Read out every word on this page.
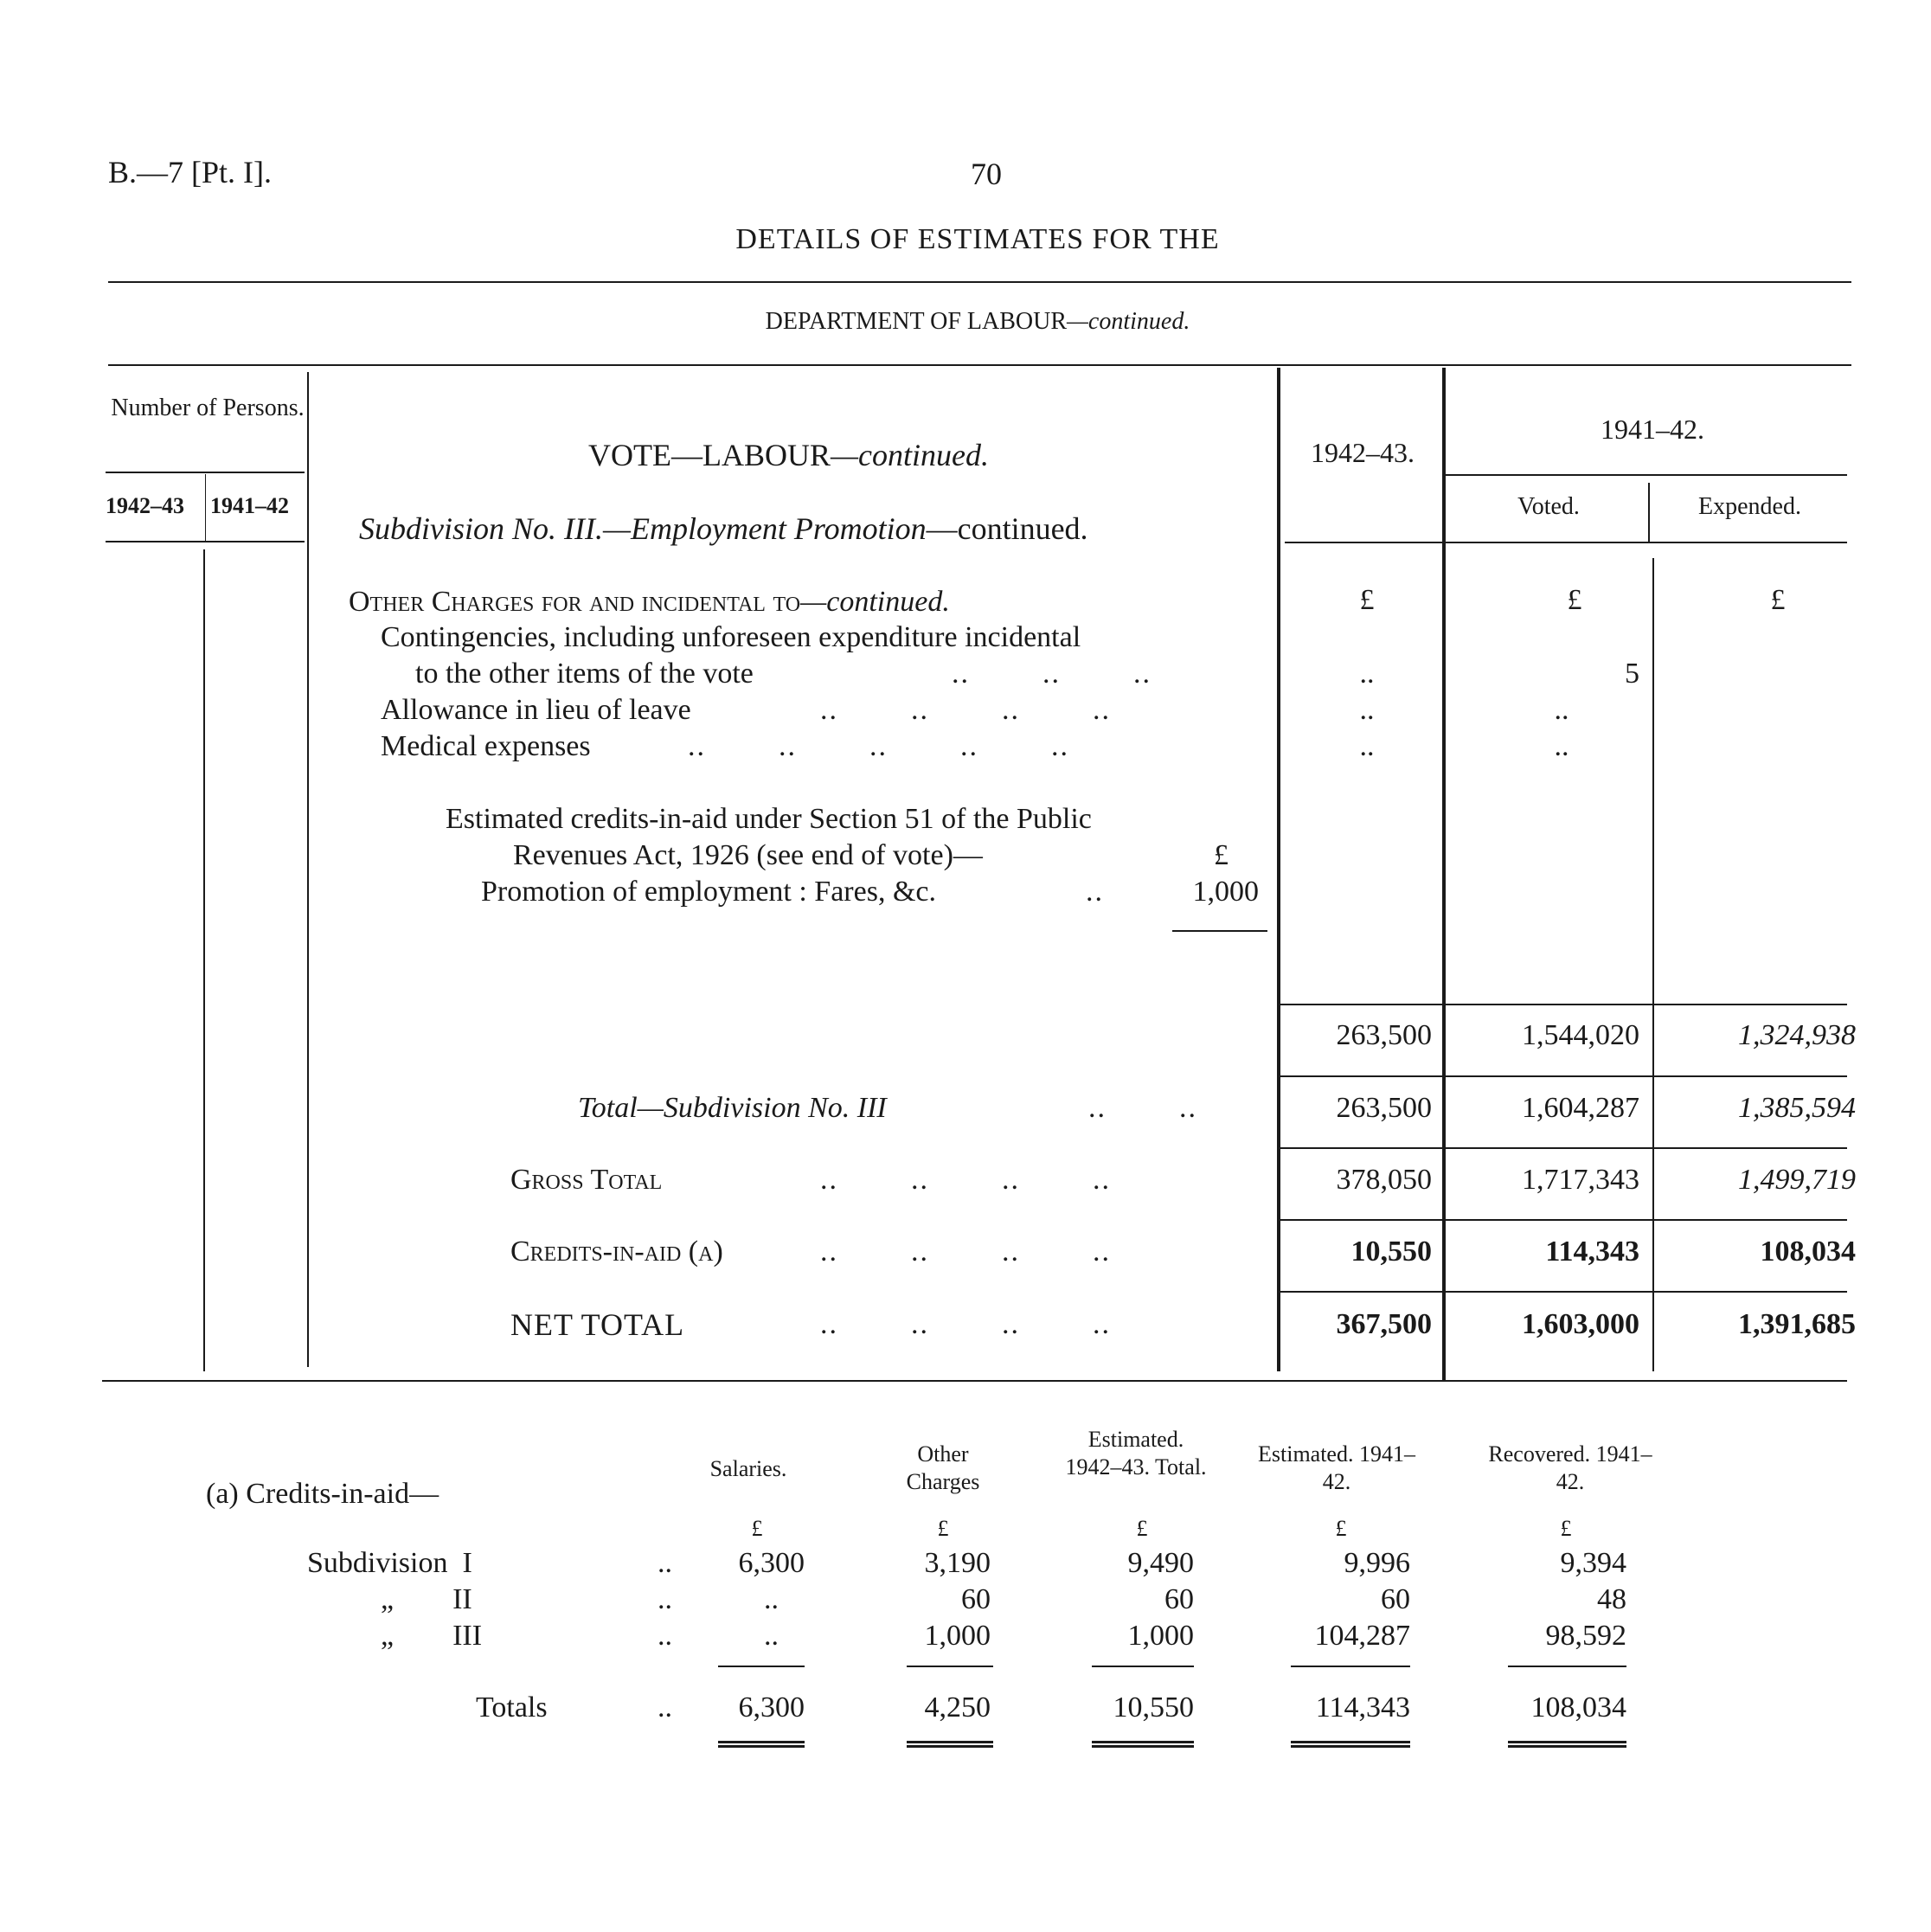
B.—7 [Pt. I].	70
DETAILS OF ESTIMATES FOR THE
DEPARTMENT OF LABOUR—continued.
Number of Persons.
1942–43 1941–42
1942–43.
1941–42.
Voted.	Expended.
VOTE—LABOUR—continued.
Subdivision No. III.—Employment Promotion—continued.
£	£	£
Other Charges for and incidental to—continued.
Contingencies, including unforeseen expenditure incidental
to the other items of the vote	..        ..        ..	..	5
Allowance in lieu of leave	..        ..        ..        ..	..	..
Medical expenses	..        ..        ..        ..        ..	..	..
Estimated credits-in-aid under Section 51 of the Public
Revenues Act, 1926 (see end of vote)—	£
Promotion of employment : Fares, &c.	..	1,000
263,500	1,544,020	1,324,938
Total—Subdivision No. III	..        ..	263,500	1,604,287	1,385,594
Gross Total	..        ..        ..        ..	378,050	1,717,343	1,499,719
Credits-in-aid (a)	..        ..        ..        ..	10,550	114,343	108,034
NET TOTAL	..        ..        ..        ..	367,500	1,603,000	1,391,685
(a) Credits-in-aid—
Salaries.
Other Charges
Estimated. 1942–43. Total.
Estimated. 1941–42.
Recovered. 1941–42.
£	£	£	£	£
Subdivision  I	..	6,300	3,190	9,490	9,996	9,394
„        II	..	..	60	60	60	48
„        III	..	..	1,000	1,000	104,287	98,592
Totals	..	6,300	4,250	10,550	114,343	108,034
